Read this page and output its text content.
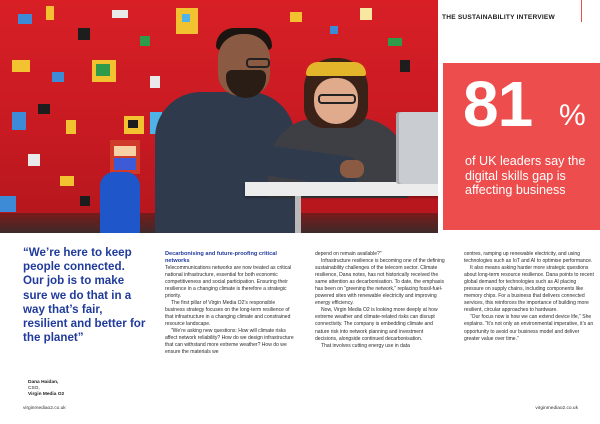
THE SUSTAINABILITY INTERVIEW
81 %
of UK leaders say the digital skills gap is affecting business
“We’re here to keep people connected. Our job is to make sure we do that in a way that’s fair, resilient and better for the planet”
Dana Haidan,
CSO,
Virgin Media O2

Decarbonising and future-proofing critical networks

Telecommunications networks are now treated as critical national infrastructure, essential for both economic competitiveness and social participation. Ensuring their resilience in a changing climate is therefore a strategic priority.

The first pillar of Virgin Media O2’s responsible business strategy focuses on the long-term resilience of that infrastructure in a changing climate and constrained resource landscape.

“We’re asking new questions: How will climate risks affect network reliability? How do we design infrastructure that can withstand more extreme weather? How do we ensure the materials we

depend on remain available?”

Infrastructure resilience is becoming one of the defining sustainability challenges of the telecom sector. Climate resilience, Dana notes, has not historically received the same attention as decarbonisation. To date, the emphasis has been on “greening the network,” replacing fossil-fuel-powered sites with renewable electricity and improving energy efficiency.

Now, Virgin Media O2 is looking more deeply at how extreme weather and climate-related risks can disrupt connectivity. The company is embedding climate and nature risk into network planning and investment decisions, alongside continued decarbonisation.

That involves cutting energy use in data

centres, ramping up renewable electricity, and using technologies such as IoT and AI to optimise performance.

It also means asking harder more strategic questions about long-term resource resilience. Dana points to recent global demand for technologies such as AI placing pressure on supply chains, including components like memory chips. For a business that delivers connected services, this reinforces the importance of building more resilient, circular approaches to hardware.

“Our focus now is how we can extend device life,” She explains. “It’s not only an environmental imperative, it’s an opportunity to avoid our business model and deliver greater value over time.”

virginmediao2.co.uk	virginmediao2.co.uk
